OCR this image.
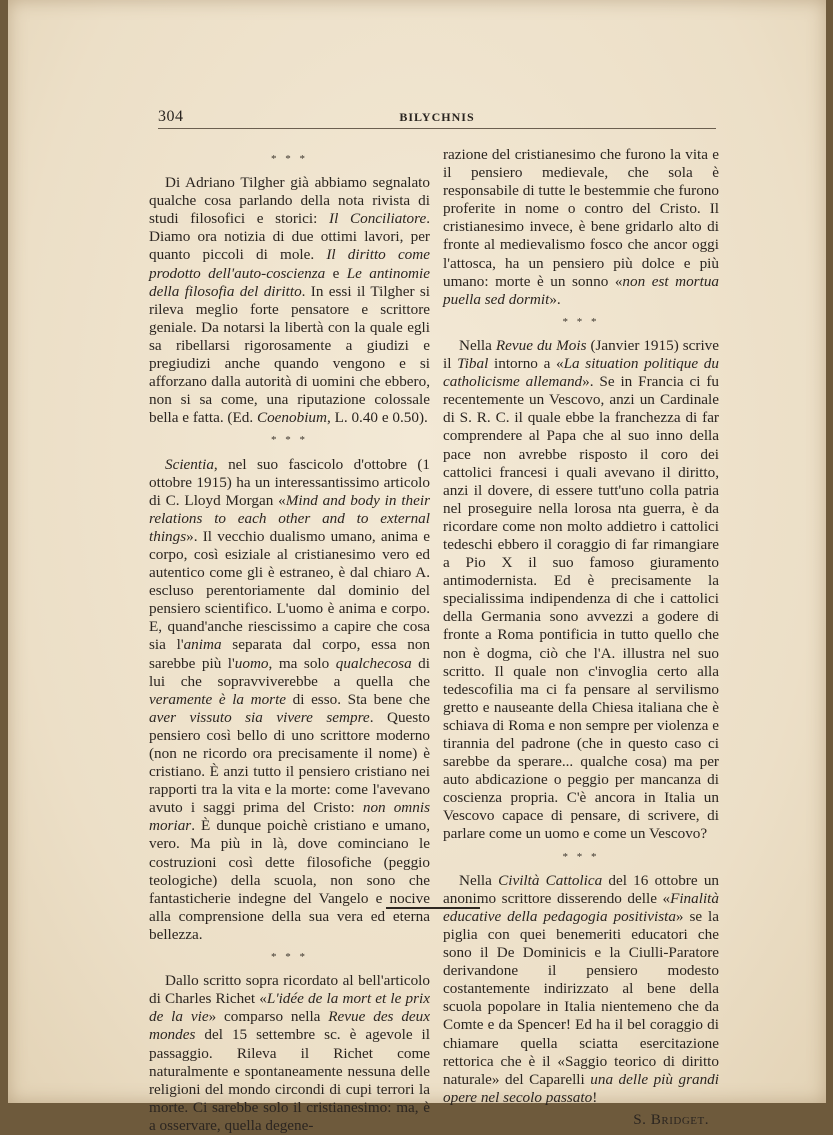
304	BILYCHNIS
* * *

Di Adriano Tilgher già abbiamo segnalato qualche cosa parlando della nota rivista di studi filosofici e storici: Il Conciliatore. Diamo ora notizia di due ottimi lavori, per quanto piccoli di mole. Il diritto come prodotto dell'auto-coscienza e Le antinomie della filosofia del diritto. In essi il Tilgher si rileva meglio forte pensatore e scrittore geniale. Da notarsi la libertà con la quale egli sa ribellarsi rigorosamente a giudizi e pregiudizi anche quando vengono e si afforzano dalla autorità di uomini che ebbero, non si sa come, una riputazione colossale bella e fatta. (Ed. Coenobium, L. 0.40 e 0.50).

* * *

Scientia, nel suo fascicolo d'ottobre (1 ottobre 1915) ha un interessantissimo articolo di C. Lloyd Morgan «Mind and body in their relations to each other and to external things». Il vecchio dualismo umano, anima e corpo, così esiziale al cristianesimo vero ed autentico come gli è estraneo, è dal chiaro A. escluso perentoriamente dal dominio del pensiero scientifico. L'uomo è anima e corpo. E, quand'anche riescissimo a capire che cosa sia l'anima separata dal corpo, essa non sarebbe più l'uomo, ma solo qualchecosa di lui che sopravviverebbe a quella che veramente è la morte di esso. Sta bene che aver vissuto sia vivere sempre. Questo pensiero così bello di uno scrittore moderno (non ne ricordo ora precisamente il nome) è cristiano. È anzi tutto il pensiero cristiano nei rapporti tra la vita e la morte: come l'avevano avuto i saggi prima del Cristo: non omnis moriar. È dunque poichè cristiano e umano, vero. Ma più in là, dove cominciano le costruzioni così dette filosofiche (peggio teologiche) della scuola, non sono che fantasticherie indegne del Vangelo e nocive alla comprensione della sua vera ed eterna bellezza.

* * *

Dallo scritto sopra ricordato al bell'articolo di Charles Richet «L'idée de la mort et le prix de la vie» comparso nella Revue des deux mondes del 15 settembre sc. è agevole il passaggio. Rileva il Richet come naturalmente e spontaneamente nessuna delle religioni del mondo circondi di cupi terrori la morte. Ci sarebbe solo il cristianesimo: ma, è a osservare, quella degene-

razione del cristianesimo che furono la vita e il pensiero medievale, che sola è responsabile di tutte le bestemmie che furono proferite in nome o contro del Cristo. Il cristianesimo invece, è bene gridarlo alto di fronte al medievalismo fosco che ancor oggi l'attosca, ha un pensiero più dolce e più umano: morte è un sonno «non est mortua puella sed dormit».

* * *

Nella Revue du Mois (Janvier 1915) scrive il Tibal intorno a «La situation politique du catholicisme allemand». Se in Francia ci fu recentemente un Vescovo, anzi un Cardinale di S. R. C. il quale ebbe la franchezza di far comprendere al Papa che al suo inno della pace non avrebbe risposto il coro dei cattolici francesi i quali avevano il diritto, anzi il dovere, di essere tutt'uno colla patria nel proseguire nella lorosa nta guerra, è da ricordare come non molto addietro i cattolici tedeschi ebbero il coraggio di far rimangiare a Pio X il suo famoso giuramento antimodernista. Ed è precisamente la specialissima indipendenza di che i cattolici della Germania sono avvezzi a godere di fronte a Roma pontificia in tutto quello che non è dogma, ciò che l'A. illustra nel suo scritto. Il quale non c'invoglia certo alla tedescofilia ma ci fa pensare al servilismo gretto e nauseante della Chiesa italiana che è schiava di Roma e non sempre per violenza e tirannia del padrone (che in questo caso ci sarebbe da sperare... qualche cosa) ma per auto abdicazione o peggio per mancanza di coscienza propria. C'è ancora in Italia un Vescovo capace di pensare, di scrivere, di parlare come un uomo e come un Vescovo?

* * *

Nella Civiltà Cattolica del 16 ottobre un anonimo scrittore disserendo delle «Finalità educative della pedagogia positivista» se la piglia con quei benemeriti educatori che sono il De Dominicis e la Ciulli-Paratore derivandone il pensiero modesto costantemente indirizzato al bene della scuola popolare in Italia nientemeno che da Comte e da Spencer! Ed ha il bel coraggio di chiamare quella sciatta esercitazione rettorica che è il «Saggio teorico di diritto naturale» del Caparelli una delle più grandi opere nel secolo passato!

S. Bridget.
